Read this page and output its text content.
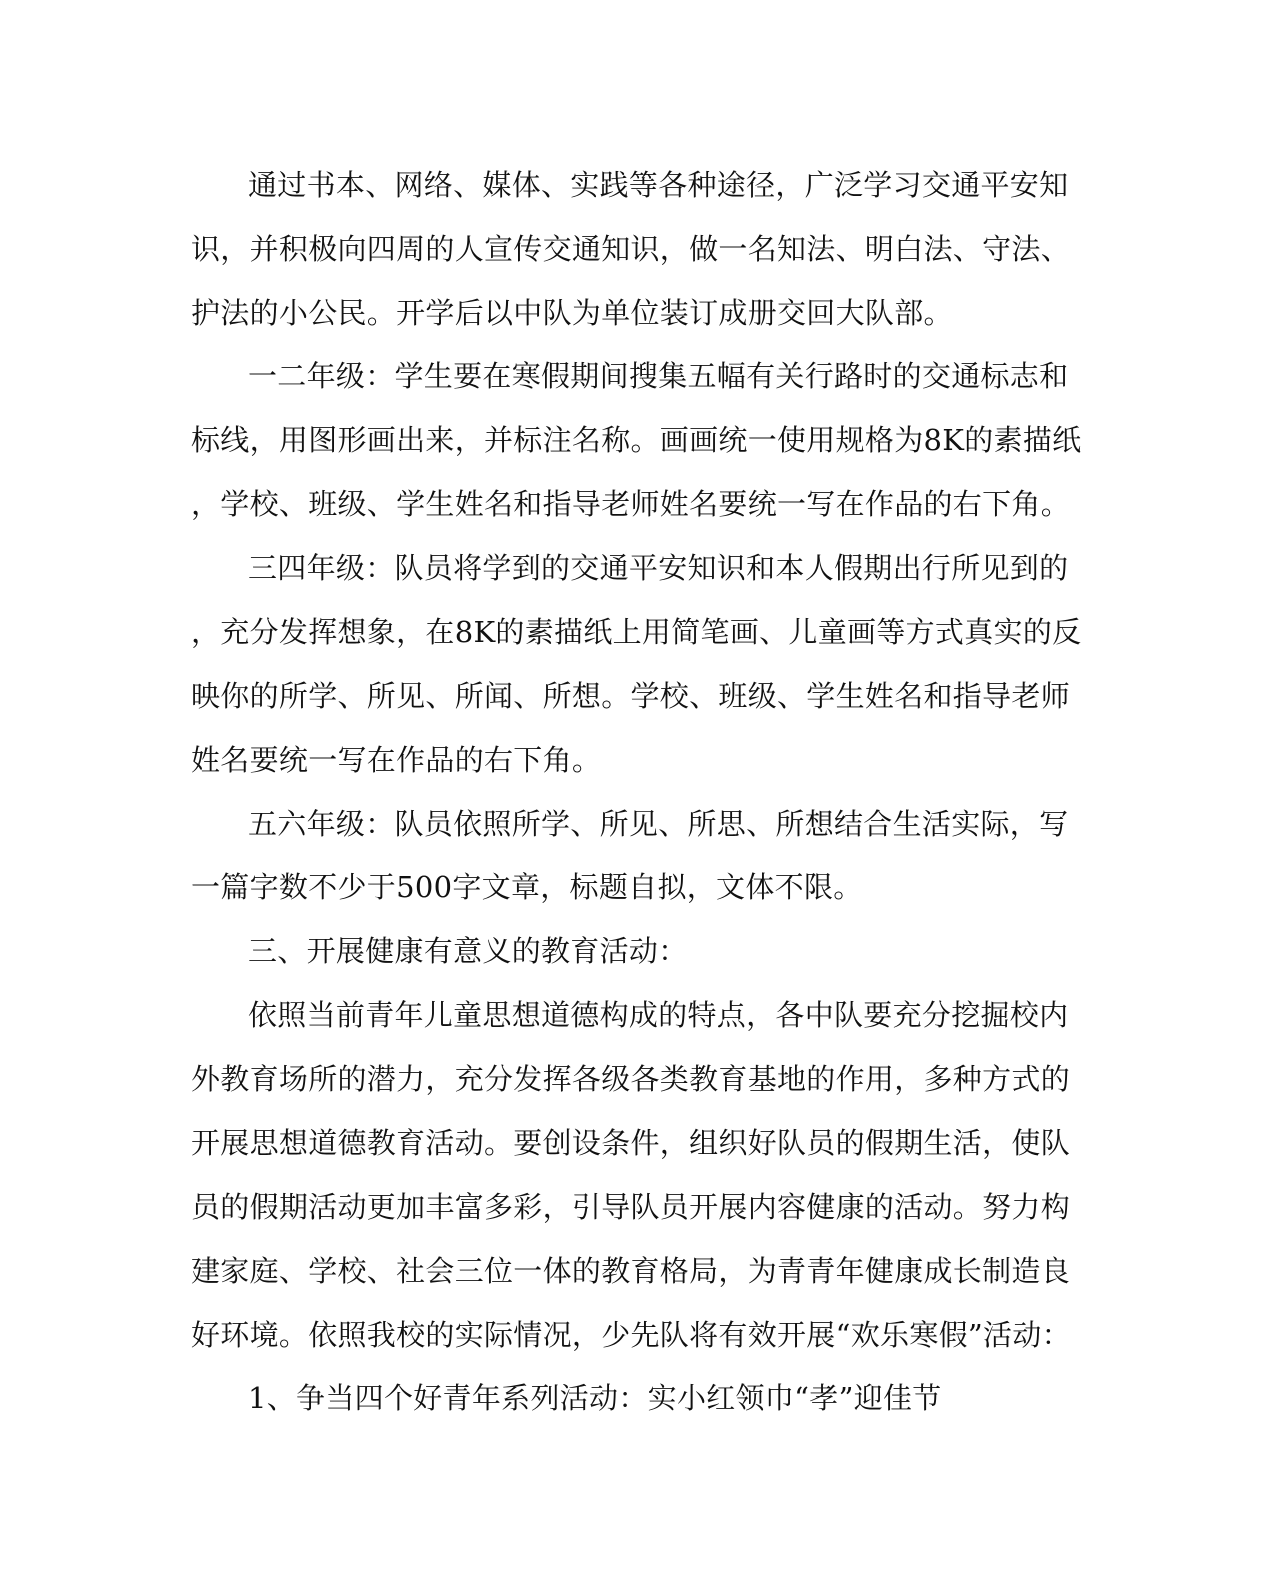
通过书本、网络、媒体、实践等各种途径，广泛学习交通平安知
识，并积极向四周的人宣传交通知识，做一名知法、明白法、守法、
护法的小公民。开学后以中队为单位装订成册交回大队部。
一二年级：学生要在寒假期间搜集五幅有关行路时的交通标志和
标线，用图形画出来，并标注名称。画画统一使用规格为8K的素描纸
，学校、班级、学生姓名和指导老师姓名要统一写在作品的右下角。
三四年级：队员将学到的交通平安知识和本人假期出行所见到的
，充分发挥想象，在8K的素描纸上用简笔画、儿童画等方式真实的反
映你的所学、所见、所闻、所想。学校、班级、学生姓名和指导老师
姓名要统一写在作品的右下角。
五六年级：队员依照所学、所见、所思、所想结合生活实际，写
一篇字数不少于500字文章，标题自拟，文体不限。
三、开展健康有意义的教育活动：
依照当前青年儿童思想道德构成的特点，各中队要充分挖掘校内
外教育场所的潜力，充分发挥各级各类教育基地的作用，多种方式的
开展思想道德教育活动。要创设条件，组织好队员的假期生活，使队
员的假期活动更加丰富多彩，引导队员开展内容健康的活动。努力构
建家庭、学校、社会三位一体的教育格局，为青青年健康成长制造良
好环境。依照我校的实际情况，少先队将有效开展“欢乐寒假”活动：
1、争当四个好青年系列活动：实小红领巾“孝”迎佳节
